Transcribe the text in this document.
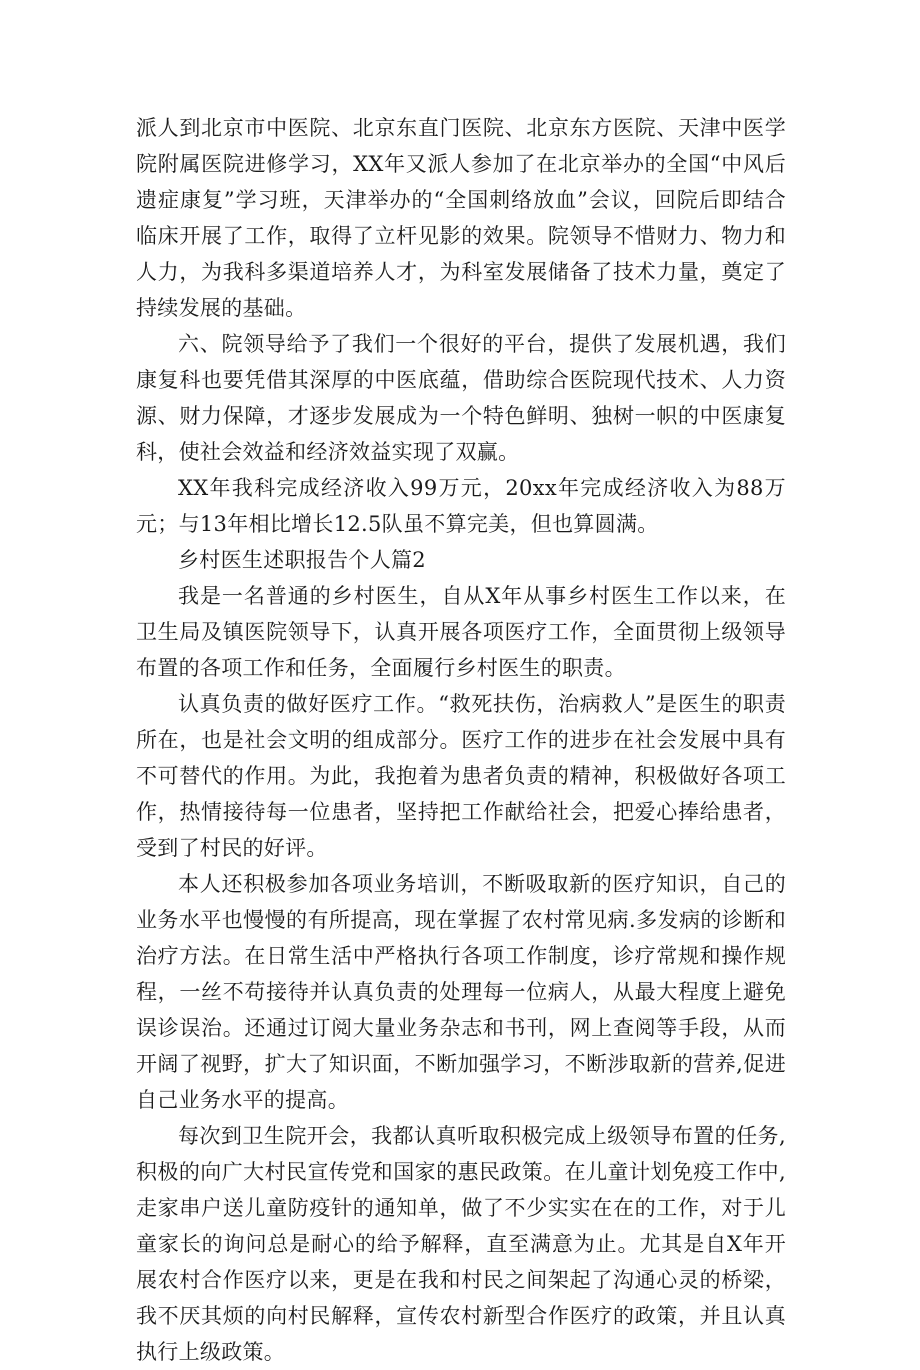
派人到北京市中医院、北京东直门医院、北京东方医院、天津中医学院附属医院进修学习，XX年又派人参加了在北京举办的全国“中风后遗症康复”学习班，天津举办的“全国刺络放血”会议，回院后即结合临床开展了工作，取得了立杆见影的效果。院领导不惜财力、物力和人力，为我科多渠道培养人才，为科室发展储备了技术力量，奠定了持续发展的基础。

六、院领导给予了我们一个很好的平台，提供了发展机遇，我们康复科也要凭借其深厚的中医底蕴，借助综合医院现代技术、人力资源、财力保障，才逐步发展成为一个特色鲜明、独树一帜的中医康复科，使社会效益和经济效益实现了双赢。

XX年我科完成经济收入99万元，20xx年完成经济收入为88万元；与13年相比增长12.5队虽不算完美，但也算圆满。

乡村医生述职报告个人篇2

我是一名普通的乡村医生，自从X年从事乡村医生工作以来，在卫生局及镇医院领导下，认真开展各项医疗工作，全面贯彻上级领导布置的各项工作和任务，全面履行乡村医生的职责。

认真负责的做好医疗工作。“救死扶伤，治病救人”是医生的职责所在，也是社会文明的组成部分。医疗工作的进步在社会发展中具有不可替代的作用。为此，我抱着为患者负责的精神，积极做好各项工作，热情接待每一位患者，坚持把工作献给社会，把爱心捧给患者，受到了村民的好评。

本人还积极参加各项业务培训，不断吸取新的医疗知识，自己的业务水平也慢慢的有所提高，现在掌握了农村常见病.多发病的诊断和治疗方法。在日常生活中严格执行各项工作制度，诊疗常规和操作规程，一丝不苟接待并认真负责的处理每一位病人，从最大程度上避免误诊误治。还通过订阅大量业务杂志和书刊，网上查阅等手段，从而开阔了视野，扩大了知识面，不断加强学习，不断涉取新的营养,促进自己业务水平的提高。

每次到卫生院开会，我都认真听取积极完成上级领导布置的任务,积极的向广大村民宣传党和国家的惠民政策。在儿童计划免疫工作中,走家串户送儿童防疫针的通知单，做了不少实实在在的工作，对于儿童家长的询问总是耐心的给予解释，直至满意为止。尤其是自X年开展农村合作医疗以来，更是在我和村民之间架起了沟通心灵的桥梁，我不厌其烦的向村民解释，宣传农村新型合作医疗的政策，并且认真执行上级政策。
